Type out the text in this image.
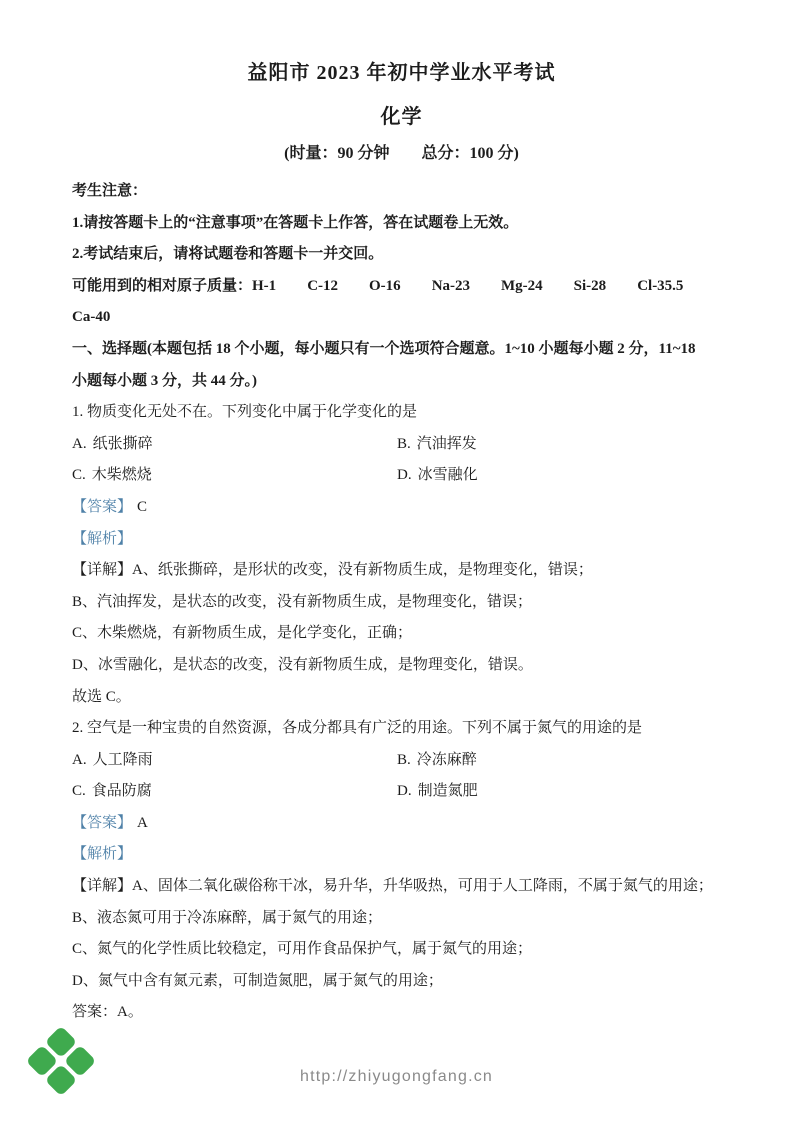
益阳市 2023 年初中学业水平考试
化学
(时量：90 分钟　　总分：100 分)
考生注意：
1.请按答题卡上的“注意事项”在答题卡上作答，答在试题卷上无效。
2.考试结束后，请将试题卷和答题卡一并交回。
可能用到的相对原子质量：H-1 C-12 O-16 Na-23 Mg-24 Si-28 Cl-35.5
Ca-40
一、选择题(本题包括 18 个小题，每小题只有一个选项符合题意。1~10 小题每小题 2 分，11~18
小题每小题 3 分，共 44 分。)
1. 物质变化无处不在。下列变化中属于化学变化的是
A. 纸张撕碎	B. 汽油挥发
C. 木柴燃烧	D. 冰雪融化
【答案】 C
【解析】
【详解】A、纸张撕碎，是形状的改变，没有新物质生成，是物理变化，错误；
B、汽油挥发，是状态的改变，没有新物质生成，是物理变化，错误；
C、木柴燃烧，有新物质生成，是化学变化，正确；
D、冰雪融化，是状态的改变，没有新物质生成，是物理变化，错误。
故选 C。
2. 空气是一种宝贵的自然资源，各成分都具有广泛的用途。下列不属于氮气的用途的是
A. 人工降雨	B. 冷冻麻醉
C. 食品防腐	D. 制造氮肥
【答案】 A
【解析】
【详解】A、固体二氧化碳俗称干冰，易升华，升华吸热，可用于人工降雨，不属于氮气的用途；
B、液态氮可用于冷冻麻醉，属于氮气的用途；
C、氮气的化学性质比较稳定，可用作食品保护气，属于氮气的用途；
D、氮气中含有氮元素，可制造氮肥，属于氮气的用途；
答案：A。
http://zhiyugongfang.cn
